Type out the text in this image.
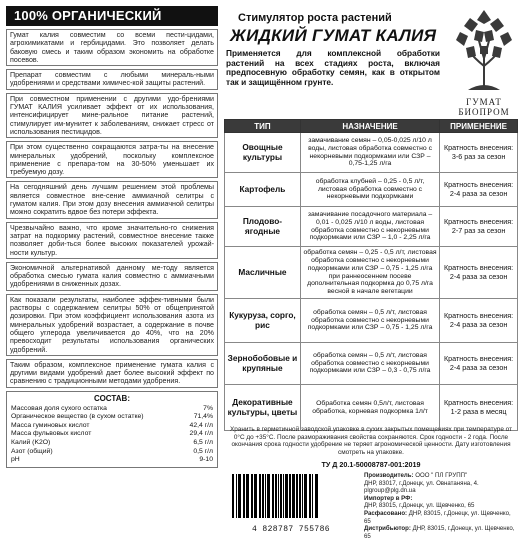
100% ОРГАНИЧЕСКИЙ
Гумат калия совместим со всеми пести-цидами, агрохимикатами и гербицидами. Это позволяет делать баковую смесь и таким образом экономить на обработке посевов.
Препарат совместим с любыми минераль-ными удобрениями и средствами химичес-кой защиты растений.
При совместном применении с другими удо-брениями ГУМАТ КАЛИЯ усиливает эффект от их использования, интенсифицирует мине-ральное питание растений, стимулирует им-мунитет к заболеваниям, снижает стресс от использования пестицидов.
При этом существенно сокращаются затра-ты на внесение минеральных удобрений, поскольку комплексное применение с препара-том на 30-50% уменьшает их требуемую дозу.
На сегодняшний день лучшим решением этой проблемы является совместное вне-сение аммиачной селитры с гуматом калия. При этом дозу внесения аммиачной селитры можно сократить вдвое без потери эффекта.
Чрезвычайно важно, что кроме значительно-го снижения затрат на подкормку растений, совместное внесение также позволяет доби-ться более высоких показателей урожай-ности культур.
Экономичной альтернативой данному ме-тоду является обработка смесью гумата калия совместно с аммиачными удобрениями в сниженных дозах.
Как показали результаты, наиболее эффек-тивными были растворы с содержанием селитры 50% от общепринятой дозировки. При этом коэффициент использования азота из минеральных удобрений возрастает, а содержание в почве общего углерода увеличивается до 40%, что на 20% превосходит результаты использования органических удобрений.
Таким образом, комплексное применение гумата калия с другими видами удобрений дает более высокий эффект по сравнению с традиционными методами удобрения.
СОСТАВ:
Массовая доля сухого остатка	7%
Органическое вещество (в сухом остатке)	71,4%
Масса гуминовых кислот	42,4 г/л
Масса фульвовых кислот	29,4 г/л
Калий (K2O)	6,5 г/л
Азот (общий)	0,5 г/л
pH	9-10
Стимулятор роста растений
ЖИДКИЙ ГУМАТ КАЛИЯ
Применяется для комплексной обработки растений на всех стадиях роста, включая предпосевную обработку семян, как в открытом так и защищённом грунте.
ГУМАТ
БИОПРОМ
ТИП	НАЗНАЧЕНИЕ	ПРИМЕНЕНИЕ
Овощные культуры	замачивание семян – 0,05-0,025 л/10 л воды, листовая обработка совместно с некорневыми подкормками или СЗР – 0,75-1,25 л/га	Кратность внесения: 3-6 раз за сезон
Картофель	обработка клубней – 0,25 - 0,5 л/т, листовая обработка совместно с некорневыми подкормками	Кратность внесения: 2-4 раза за сезон
Плодово-ягодные	замачивание посадочного материала – 0,01 - 0,025 л/10 л воды, листовая обработка совместно с некорневыми подкормками или СЗР – 1,0 - 2,25 л/га	Кратность внесения: 2-7 раз за сезон
Масличные	обработка семян – 0,25 - 0,5 л/т, листовая обработка совместно с некорневыми подкормками или СЗР – 0,75 - 1,25 л/га при раннеосеннем посеве дополнительная подкормка до 0,75 л/га весной в начале вегетации	Кратность внесения: 2-4 раза за сезон
Кукуруза, сорго, рис	обработка семян – 0,5 л/т, листовая обработка совместно с некорневыми подкормками или СЗР – 0,75 - 1,25 л/га	Кратность внесения: 2-4 раза за сезон
Зернобобовые и крупяные	обработка семян – 0,5 л/т, листовая обработка совместно с некорневыми подкормками или СЗР – 0,3 - 0,75 л/га	Кратность внесения: 2-4 раза за сезон
Декоративные культуры, цветы	Обработка семян 0,5л/т, листовая обработка, корневая подкормка 1л/т	Кратность внесения: 1-2 раза в месяц
Хранить в герметичной заводской упаковке в сухих закрытых помещениях при температуре от 0°С до +35°С. После размораживания свойства сохраняются. Срок годности - 2 года. После окончания срока годности удобрение не теряет агрономической ценности. Дату изготовления смотреть на упаковке.
ТУ Д 20.1-50008787-001:2019
4 828787 755786
Производитель: ООО " ПЛ ГРУПП"
ДНР, 83017, г.Донецк, ул. Овнатанянa, 4.
plgroup@plg.dn.ua
Импортер в РФ:
ДНР, 83015, г.Донецк, ул. Щевченко, 65
Расфасовано: ДНР, 83015, г.Донецк, ул. Щевченко, 65
Дистрибьютор: ДНР, 83015, г.Донецк, ул. Щевченко, 65
